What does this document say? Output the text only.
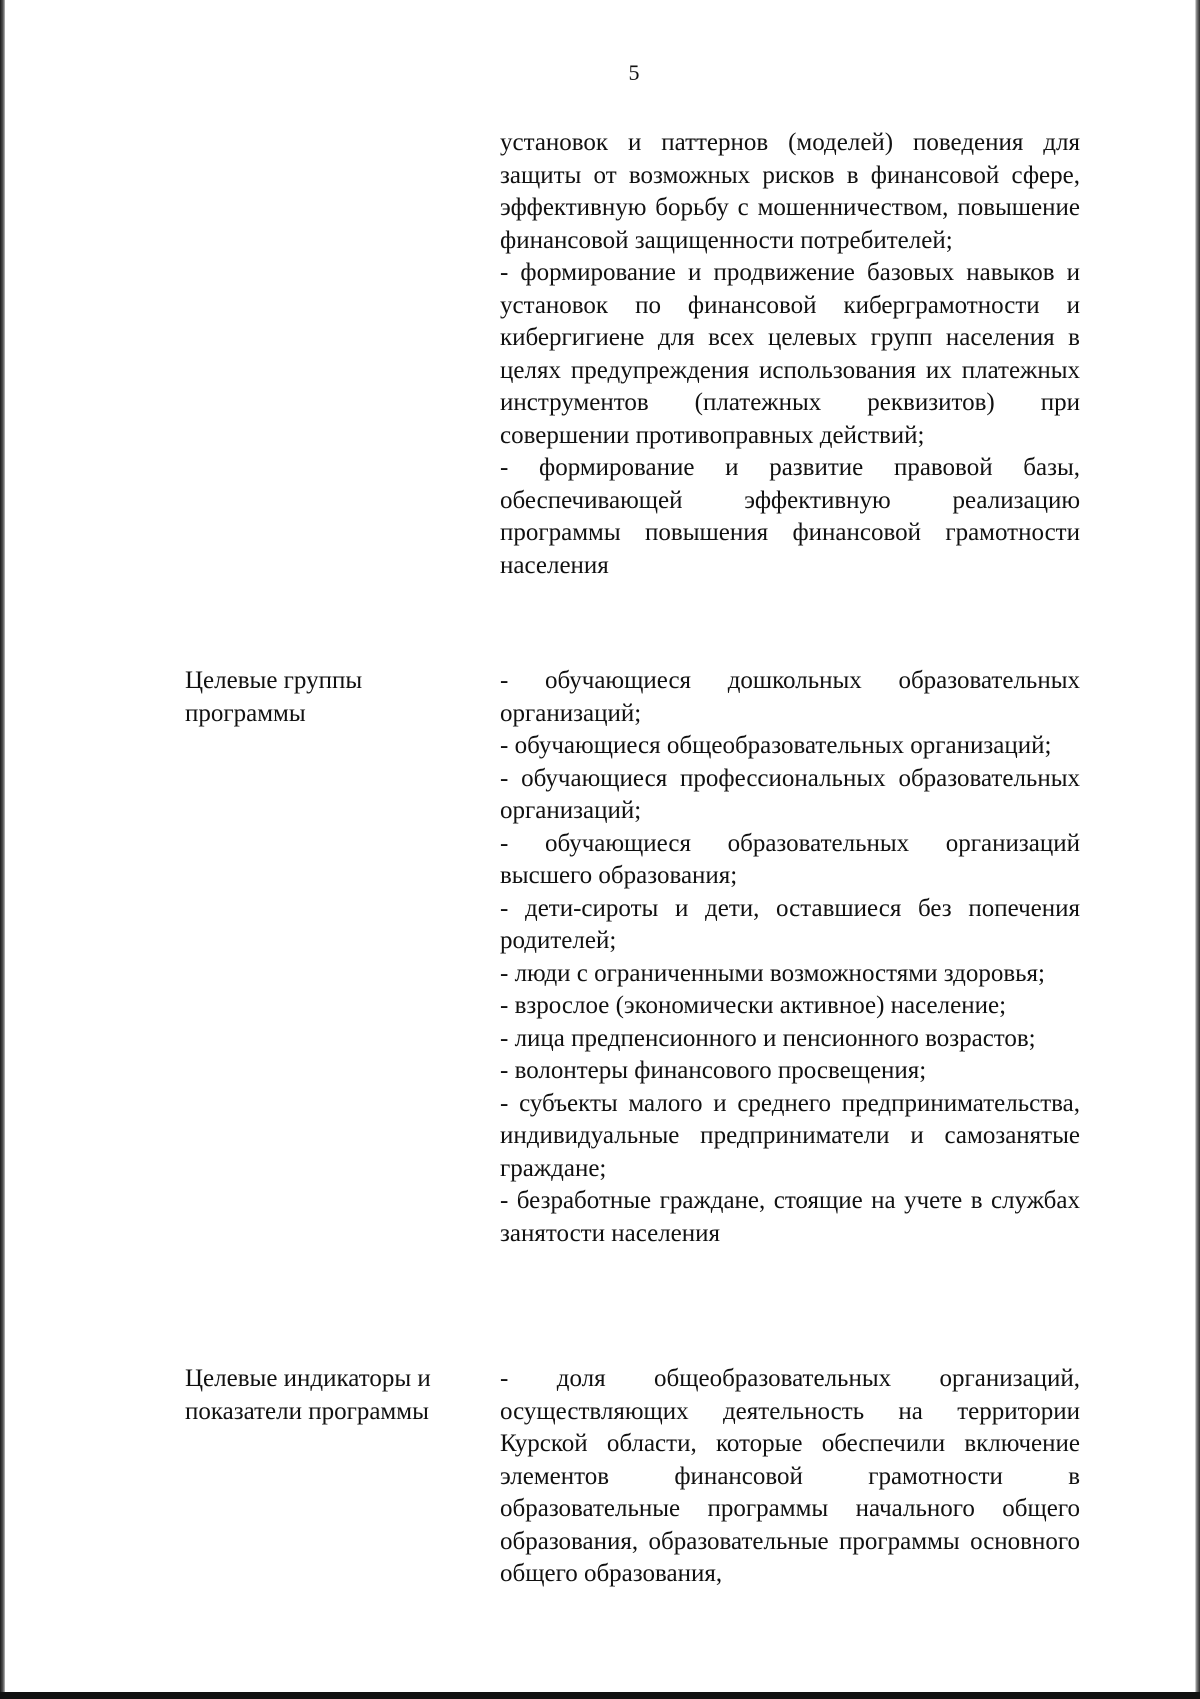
5

установок и паттернов (моделей) поведения для защиты от возможных рисков в финансовой сфере, эффективную борьбу с мошенничеством, повышение финансовой защищенности потребителей;

- формирование и продвижение базовых навыков и установок по финансовой киберграмотности и кибергигиене для всех целевых групп населения в целях предупреждения использования их платежных инструментов (платежных реквизитов) при совершении противоправных действий;

- формирование и развитие правовой базы, обеспечивающей эффективную реализацию программы повышения финансовой грамотности населения

Целевые группы программы

- обучающиеся дошкольных образовательных организаций;

- обучающиеся общеобразовательных организаций;

- обучающиеся профессиональных образовательных организаций;

- обучающиеся образовательных организаций высшего образования;

- дети-сироты и дети, оставшиеся без попечения родителей;

- люди с ограниченными возможностями здоровья;

- взрослое (экономически активное) население;

- лица предпенсионного и пенсионного возрастов;

- волонтеры финансового просвещения;

- субъекты малого и среднего предпринимательства, индивидуальные предприниматели и самозанятые граждане;

- безработные граждане, стоящие на учете в службах занятости населения

Целевые индикаторы и показатели программы

- доля общеобразовательных организаций, осуществляющих деятельность на территории Курской области, которые обеспечили включение элементов финансовой грамотности в образовательные программы начального общего образования, образовательные программы основного общего образования,
